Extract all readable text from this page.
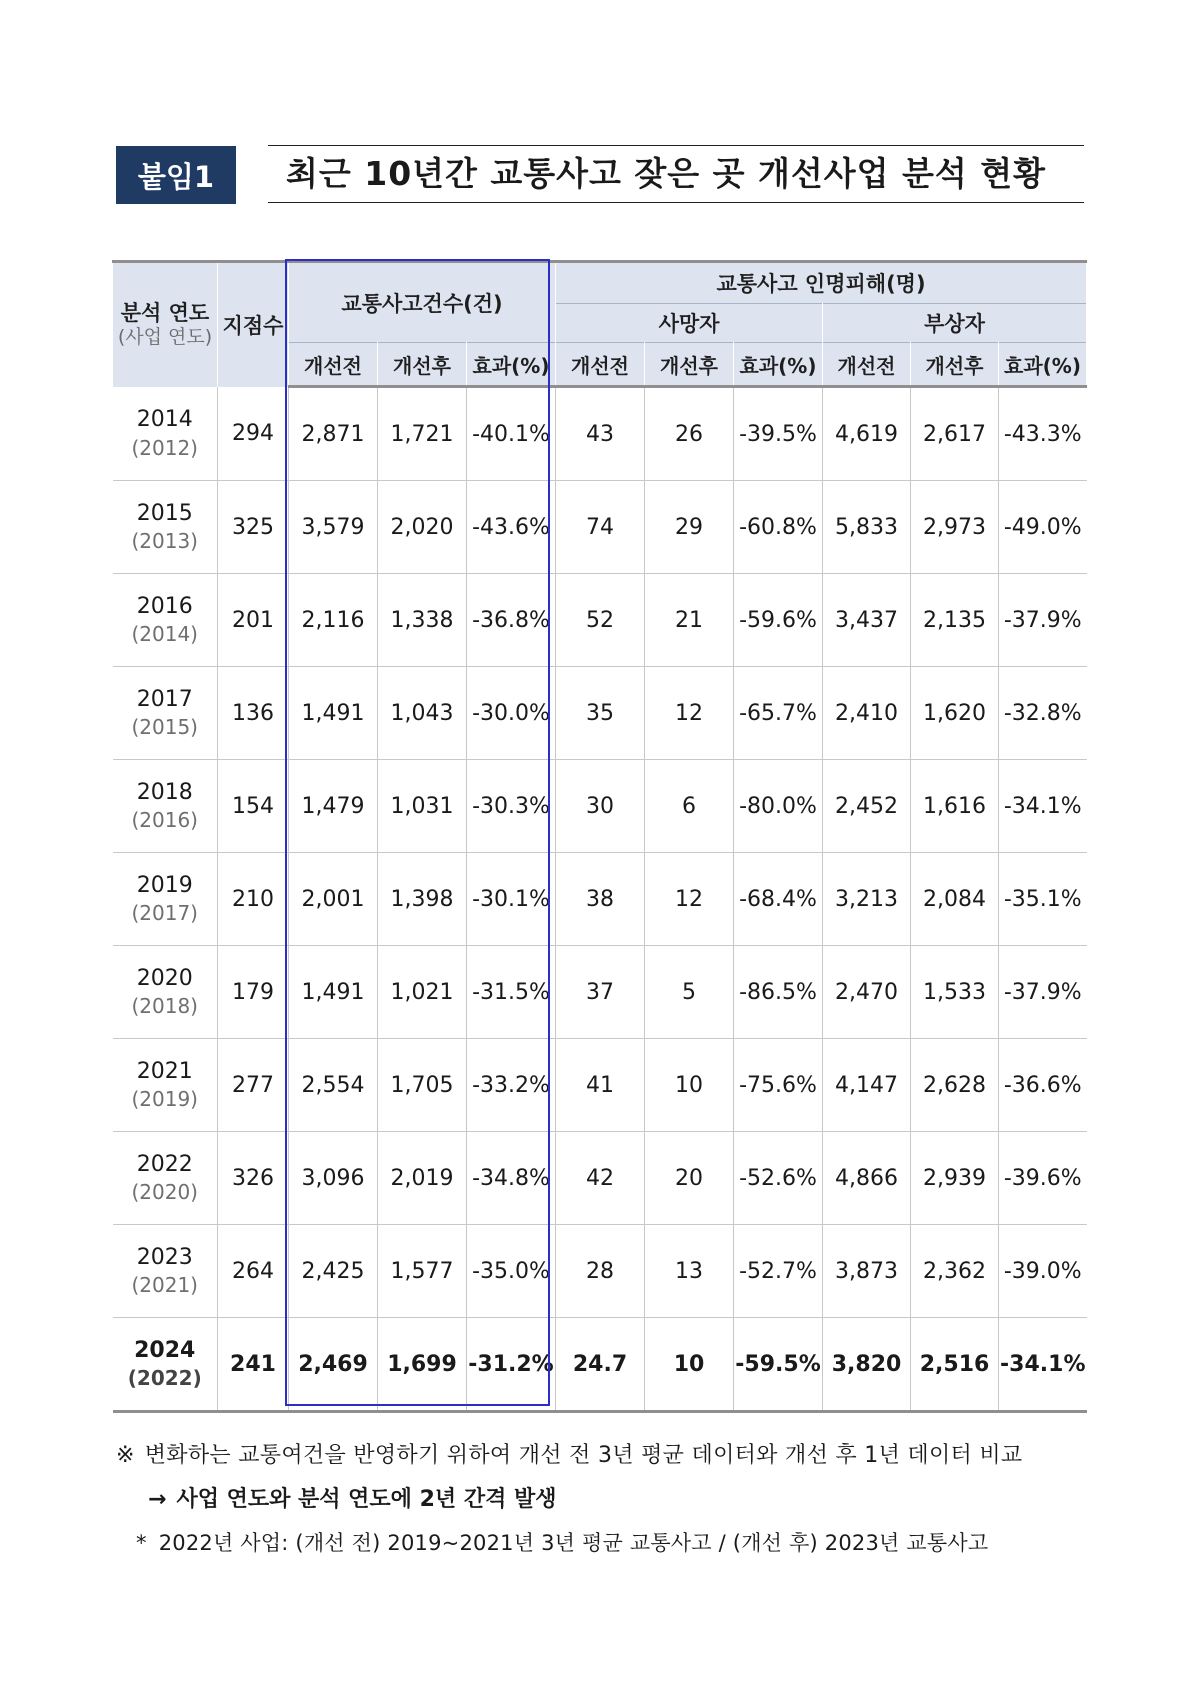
붙임1	최근 10년간 교통사고 잦은 곳 개선사업 분석 현황
분석 연도
(사업 연도)	지점수	교통사고건수(건)			교통사고 인명피해(명)					
					사망자			부상자		
		개선전	개선후	효과(%)	개선전	개선후	효과(%)	개선전	개선후	효과(%)

2014
(2012)	294	2,871	1,721	-40.1%	43	26	-39.5%	4,619	2,617	-43.3%

2015
(2013)	325	3,579	2,020	-43.6%	74	29	-60.8%	5,833	2,973	-49.0%

2016
(2014)	201	2,116	1,338	-36.8%	52	21	-59.6%	3,437	2,135	-37.9%

2017
(2015)	136	1,491	1,043	-30.0%	35	12	-65.7%	2,410	1,620	-32.8%

2018
(2016)	154	1,479	1,031	-30.3%	30	6	-80.0%	2,452	1,616	-34.1%

2019
(2017)	210	2,001	1,398	-30.1%	38	12	-68.4%	3,213	2,084	-35.1%

2020
(2018)	179	1,491	1,021	-31.5%	37	5	-86.5%	2,470	1,533	-37.9%

2021
(2019)	277	2,554	1,705	-33.2%	41	10	-75.6%	4,147	2,628	-36.6%

2022
(2020)	326	3,096	2,019	-34.8%	42	20	-52.6%	4,866	2,939	-39.6%

2023
(2021)	264	2,425	1,577	-35.0%	28	13	-52.7%	3,873	2,362	-39.0%

2024
(2022)	241	2,469	1,699	-31.2%	24.7	10	-59.5%	3,820	2,516	-34.1%
※ 변화하는 교통여건을 반영하기 위하여 개선 전 3년 평균 데이터와 개선 후 1년 데이터 비교
→ 사업 연도와 분석 연도에 2년 간격 발생
* 2022년 사업: (개선 전) 2019~2021년 3년 평균 교통사고 / (개선 후) 2023년 교통사고
